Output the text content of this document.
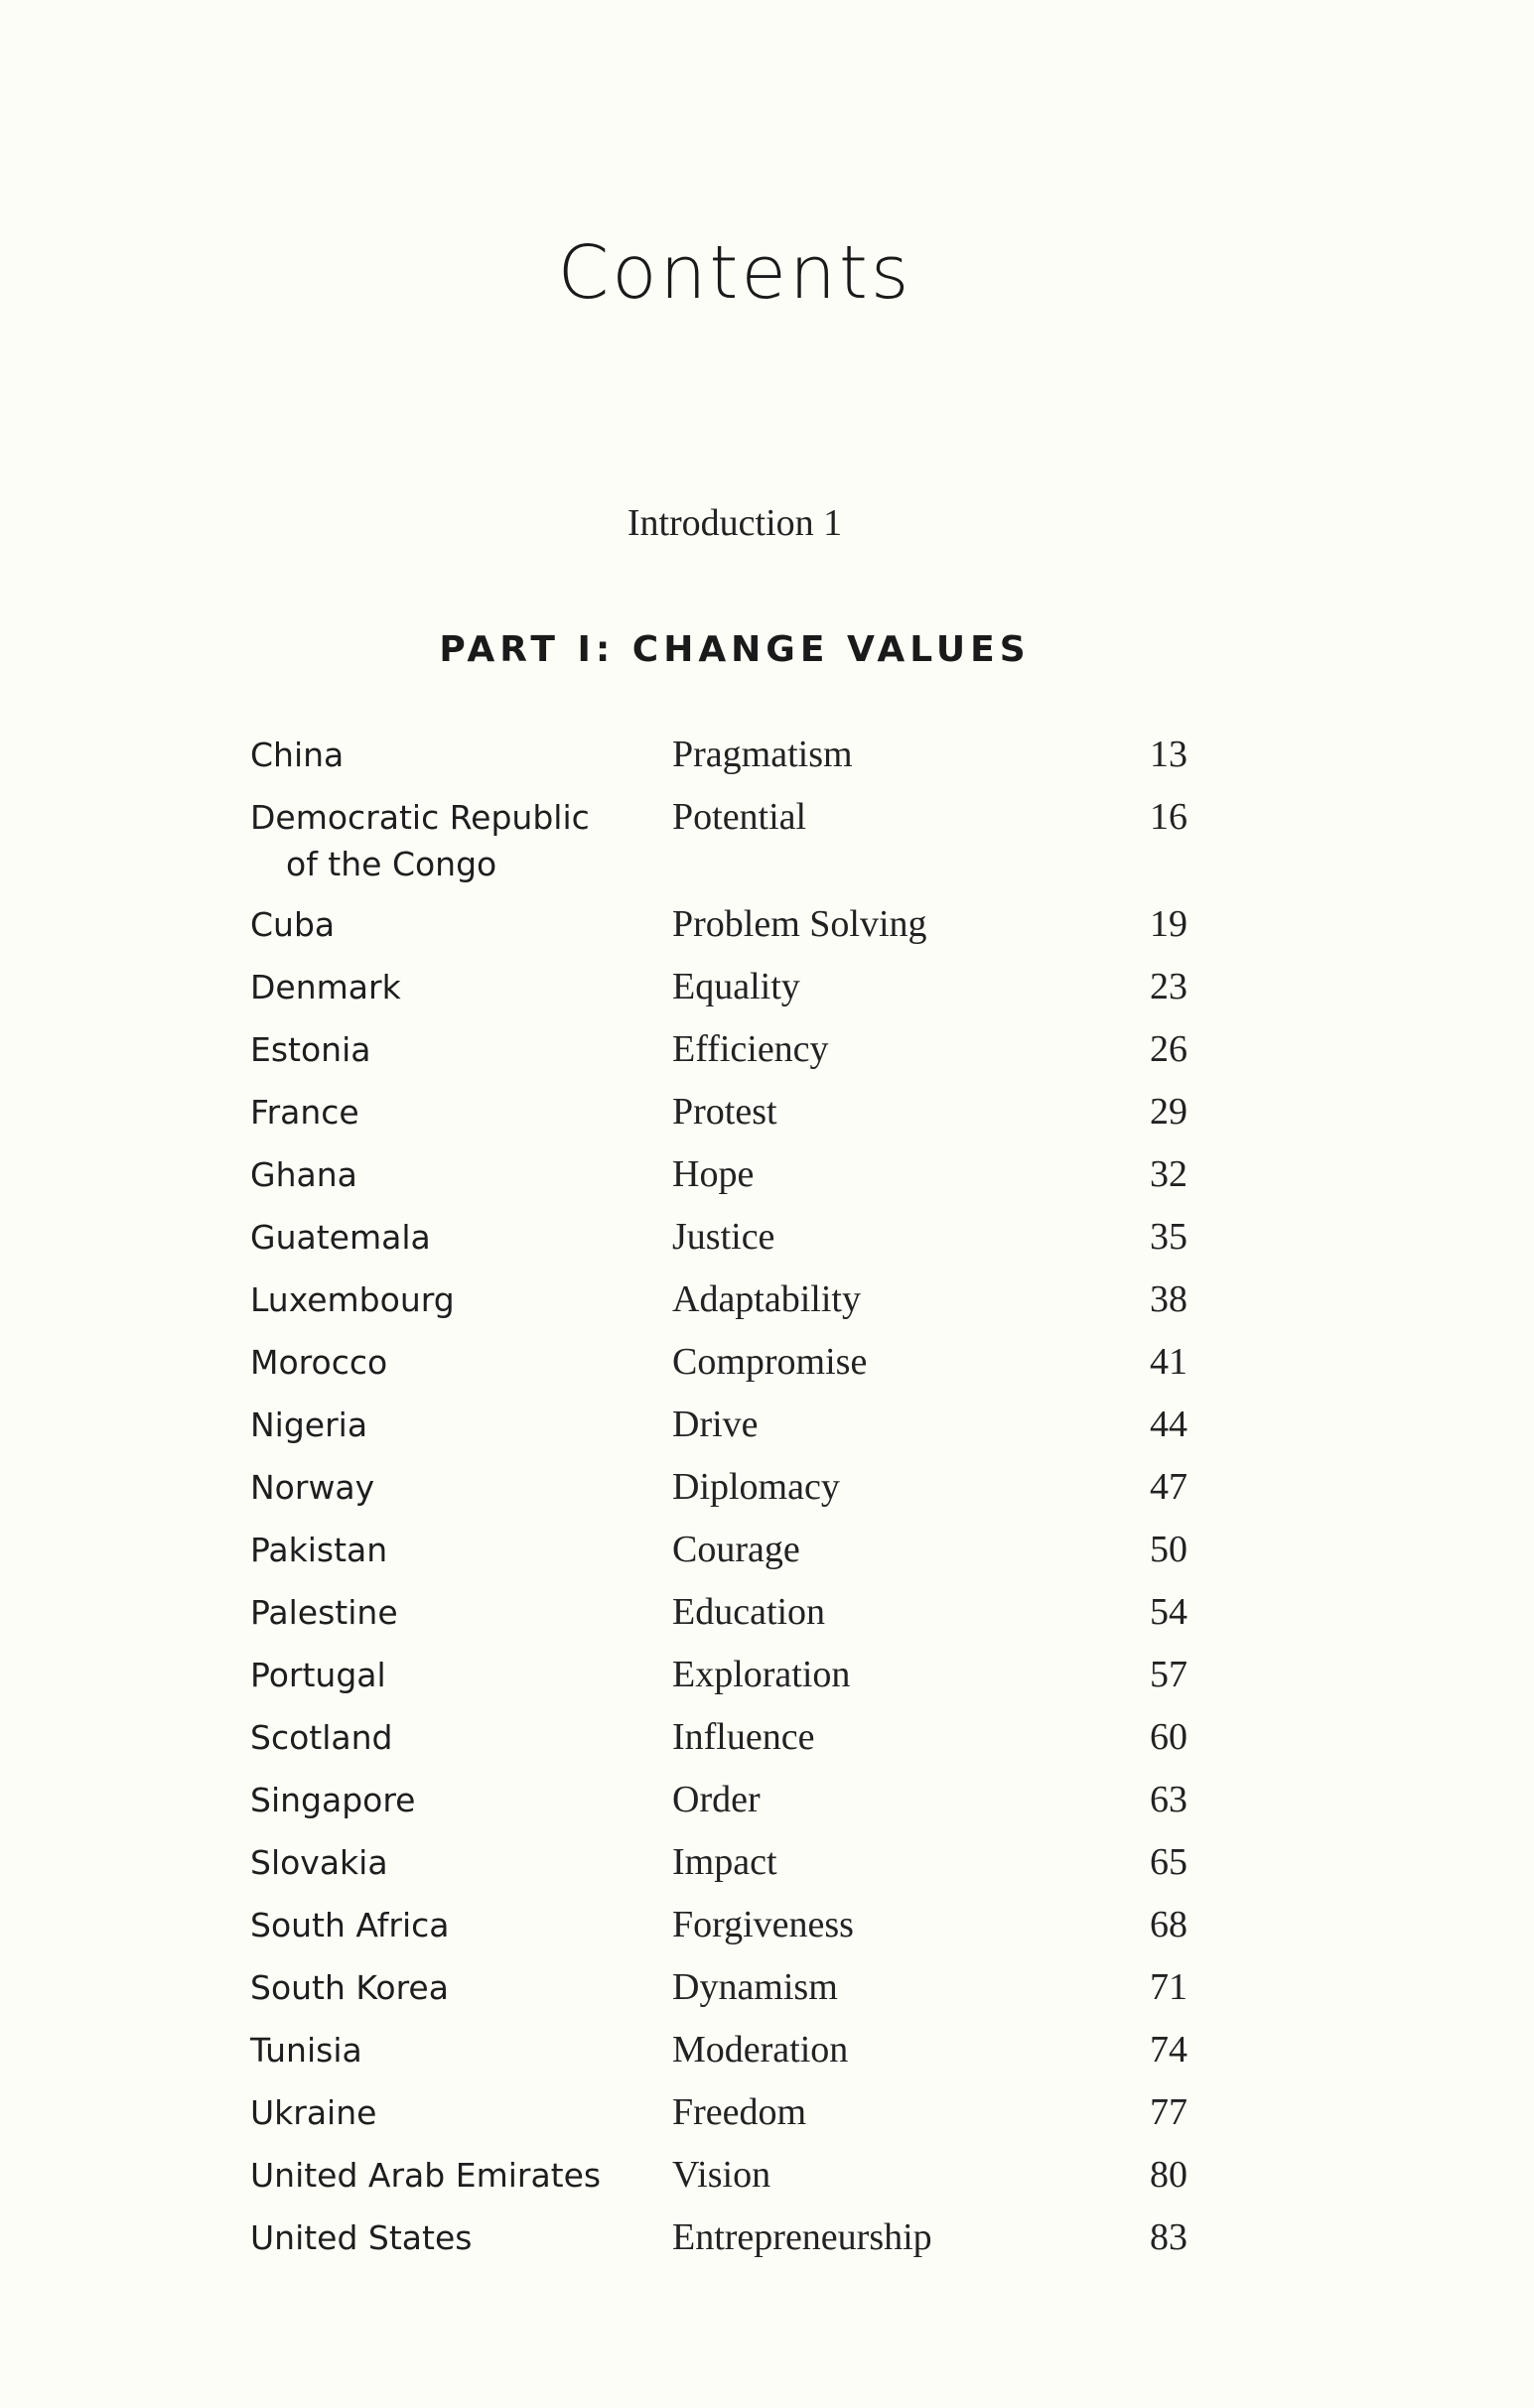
Contents
Introduction 1
PART I: CHANGE VALUES
China	Pragmatism	13
Democratic Republic
of the Congo
Potential	16
Cuba	Problem Solving	19
Denmark	Equality	23
Estonia	Efficiency	26
France	Protest	29
Ghana	Hope	32
Guatemala	Justice	35
Luxembourg	Adaptability	38
Morocco	Compromise	41
Nigeria	Drive	44
Norway	Diplomacy	47
Pakistan	Courage	50
Palestine	Education	54
Portugal	Exploration	57
Scotland	Influence	60
Singapore	Order	63
Slovakia	Impact	65
South Africa	Forgiveness	68
South Korea	Dynamism	71
Tunisia	Moderation	74
Ukraine	Freedom	77
United Arab Emirates	Vision	80
United States	Entrepreneurship	83
